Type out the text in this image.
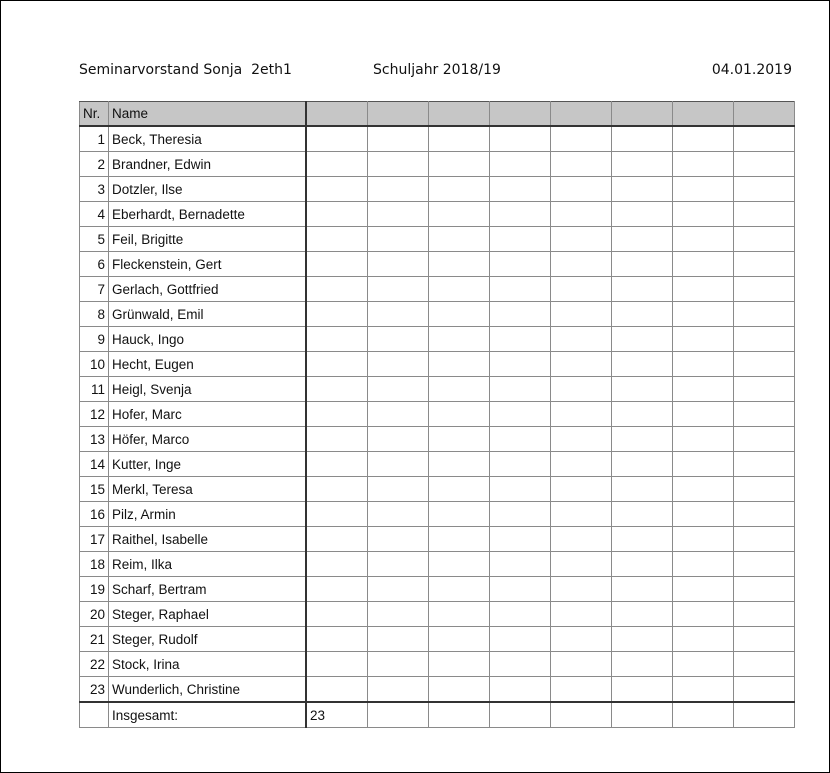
Seminarvorstand Sonja  2eth1	Schuljahr 2018/19	04.01.2019
Nr.	Name								
1	Beck, Theresia								
2	Brandner, Edwin								
3	Dotzler, Ilse								
4	Eberhardt, Bernadette								
5	Feil, Brigitte								
6	Fleckenstein, Gert								
7	Gerlach, Gottfried								
8	Grünwald, Emil								
9	Hauck, Ingo								
10	Hecht, Eugen								
11	Heigl, Svenja								
12	Hofer, Marc								
13	Höfer, Marco								
14	Kutter, Inge								
15	Merkl, Teresa								
16	Pilz, Armin								
17	Raithel, Isabelle								
18	Reim, Ilka								
19	Scharf, Bertram								
20	Steger, Raphael								
21	Steger, Rudolf								
22	Stock, Irina								
23	Wunderlich, Christine								
	Insgesamt:	23							
